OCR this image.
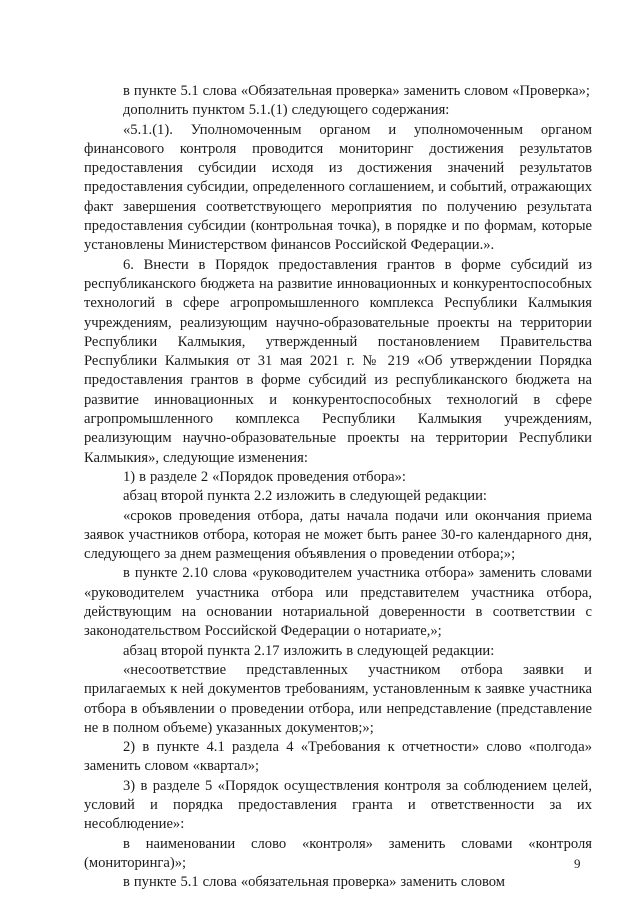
в пункте 5.1 слова «Обязательная проверка» заменить словом «Проверка»;

дополнить пунктом 5.1.(1) следующего содержания:

«5.1.(1). Уполномоченным органом и уполномоченным органом финансового контроля проводится мониторинг достижения результатов предоставления субсидии исходя из достижения значений результатов предоставления субсидии, определенного соглашением, и событий, отражающих факт завершения соответствующего мероприятия по получению результата предоставления субсидии (контрольная точка), в порядке и по формам, которые установлены Министерством финансов Российской Федерации.».

6. Внести в Порядок предоставления грантов в форме субсидий из республиканского бюджета на развитие инновационных и конкурентоспособных технологий в сфере агропромышленного комплекса Республики Калмыкия учреждениям, реализующим научно-образовательные проекты на территории Республики Калмыкия, утвержденный постановлением Правительства Республики Калмыкия от 31 мая 2021 г. № 219 «Об утверждении Порядка предоставления грантов в форме субсидий из республиканского бюджета на развитие инновационных и конкурентоспособных технологий в сфере агропромышленного комплекса Республики Калмыкия учреждениям, реализующим научно-образовательные проекты на территории Республики Калмыкия», следующие изменения:

1) в разделе 2 «Порядок проведения отбора»:

абзац второй пункта 2.2 изложить в следующей редакции:

«сроков проведения отбора, даты начала подачи или окончания приема заявок участников отбора, которая не может быть ранее 30-го календарного дня, следующего за днем размещения объявления о проведении отбора;»;

в пункте 2.10 слова «руководителем участника отбора» заменить словами «руководителем участника отбора или представителем участника отбора, действующим на основании нотариальной доверенности в соответствии с законодательством Российской Федерации о нотариате,»;

абзац второй пункта 2.17 изложить в следующей редакции:

«несоответствие представленных участником отбора заявки и прилагаемых к ней документов требованиям, установленным к заявке участника отбора в объявлении о проведении отбора, или непредставление (представление не в полном объеме) указанных документов;»;

2) в пункте 4.1 раздела 4 «Требования к отчетности» слово «полгода» заменить словом «квартал»;

3) в разделе 5 «Порядок осуществления контроля за соблюдением целей, условий и порядка предоставления гранта и ответственности за их несоблюдение»:

в наименовании слово «контроля» заменить словами «контроля (мониторинга)»;

в пункте 5.1 слова «обязательная проверка» заменить словом

9
